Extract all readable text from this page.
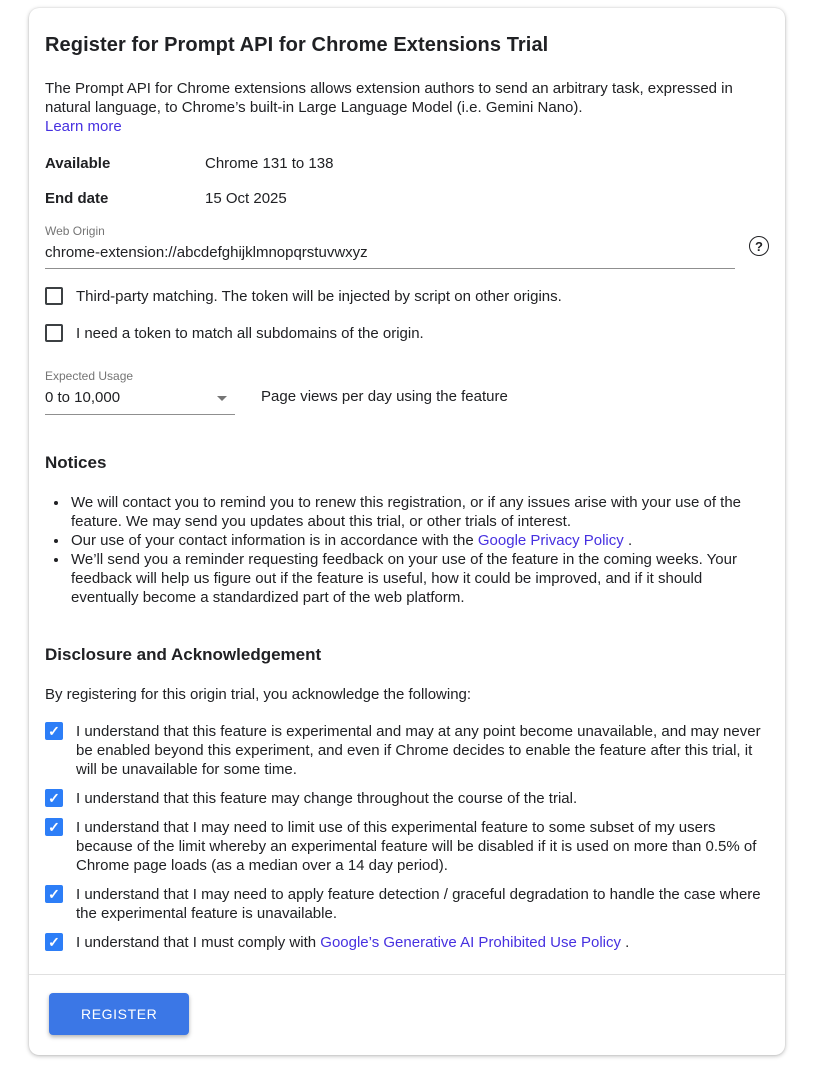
Register for Prompt API for Chrome Extensions Trial

The Prompt API for Chrome extensions allows extension authors to send an arbitrary task, expressed in natural language, to Chrome’s built-in Large Language Model (i.e. Gemini Nano).

Learn more
Available	Chrome 131 to 138
End date	15 Oct 2025
Web Origin
chrome-extension://abcdefghijklmnopqrstuvwxyz
?
Third-party matching. The token will be injected by script on other origins.
I need a token to match all subdomains of the origin.
Expected Usage
0 to 10,000	Page views per day using the feature
Notices
• We will contact you to remind you to renew this registration, or if any issues arise with your use of the feature. We may send you updates about this trial, or other trials of interest.
• Our use of your contact information is in accordance with the Google Privacy Policy .
• We’ll send you a reminder requesting feedback on your use of the feature in the coming weeks. Your feedback will help us figure out if the feature is useful, how it could be improved, and if it should eventually become a standardized part of the web platform.
Disclosure and Acknowledgement

By registering for this origin trial, you acknowledge the following:

✓ I understand that this feature is experimental and may at any point become unavailable, and may never be enabled beyond this experiment, and even if Chrome decides to enable the feature after this trial, it will be unavailable for some time.
✓ I understand that this feature may change throughout the course of the trial.
✓ I understand that I may need to limit use of this experimental feature to some subset of my users because of the limit whereby an experimental feature will be disabled if it is used on more than 0.5% of Chrome page loads (as a median over a 14 day period).
✓ I understand that I may need to apply feature detection / graceful degradation to handle the case where the experimental feature is unavailable.
✓ I understand that I must comply with Google’s Generative AI Prohibited Use Policy .
REGISTER
